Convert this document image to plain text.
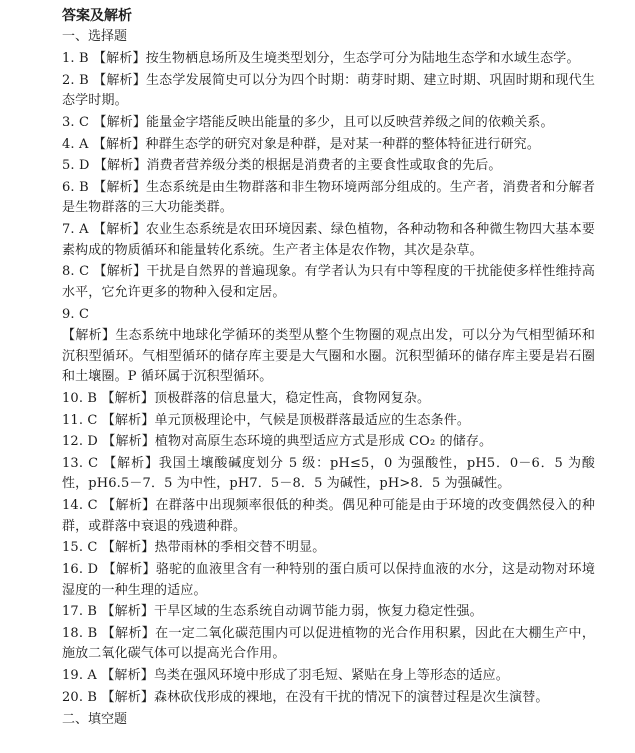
答案及解析
一、选择题
1. B 【解析】按生物栖息场所及生境类型划分，生态学可分为陆地生态学和水域生态学。
2. B 【解析】生态学发展简史可以分为四个时期：萌芽时期、建立时期、巩固时期和现代生态学时期。
3. C 【解析】能量金字塔能反映出能量的多少，且可以反映营养级之间的依赖关系。
4. A 【解析】种群生态学的研究对象是种群，是对某一种群的整体特征进行研究。
5. D 【解析】消费者营养级分类的根据是消费者的主要食性或取食的先后。
6. B 【解析】生态系统是由生物群落和非生物环境两部分组成的。生产者，消费者和分解者是生物群落的三大功能类群。
7. A 【解析】农业生态系统是农田环境因素、绿色植物，各种动物和各种微生物四大基本要素构成的物质循环和能量转化系统。生产者主体是农作物，其次是杂草。
8. C 【解析】干扰是自然界的普遍现象。有学者认为只有中等程度的干扰能使多样性维持高水平，它允许更多的物种入侵和定居。
9. C
【解析】生态系统中地球化学循环的类型从整个生物圈的观点出发，可以分为气相型循环和沉积型循环。气相型循环的储存库主要是大气圈和水圈。沉积型循环的储存库主要是岩石圈和土壤圈。P 循环属于沉积型循环。
10. B 【解析】顶极群落的信息量大，稳定性高，食物网复杂。
11. C 【解析】单元顶极理论中，气候是顶极群落最适应的生态条件。
12. D 【解析】植物对高原生态环境的典型适应方式是形成 CO₂ 的储存。
13. C 【解析】我国土壤酸碱度划分 5 级：pH≤5，0 为强酸性，pH5．0－6．5 为酸性，pH6.5－7．5 为中性，pH7．5－8．5 为碱性，pH>8．5 为强碱性。
14. C 【解析】在群落中出现频率很低的种类。偶见种可能是由于环境的改变偶然侵入的种群，或群落中衰退的残遗种群。
15. C 【解析】热带雨林的季相交替不明显。
16. D 【解析】骆驼的血液里含有一种特别的蛋白质可以保持血液的水分，这是动物对环境湿度的一种生理的适应。
17. B 【解析】干旱区域的生态系统自动调节能力弱，恢复力稳定性强。
18. B 【解析】在一定二氧化碳范围内可以促进植物的光合作用积累，因此在大棚生产中，施放二氧化碳气体可以提高光合作用。
19. A 【解析】鸟类在强风环境中形成了羽毛短、紧贴在身上等形态的适应。
20. B 【解析】森林砍伐形成的裸地，在没有干扰的情况下的演替过程是次生演替。
二、填空题
